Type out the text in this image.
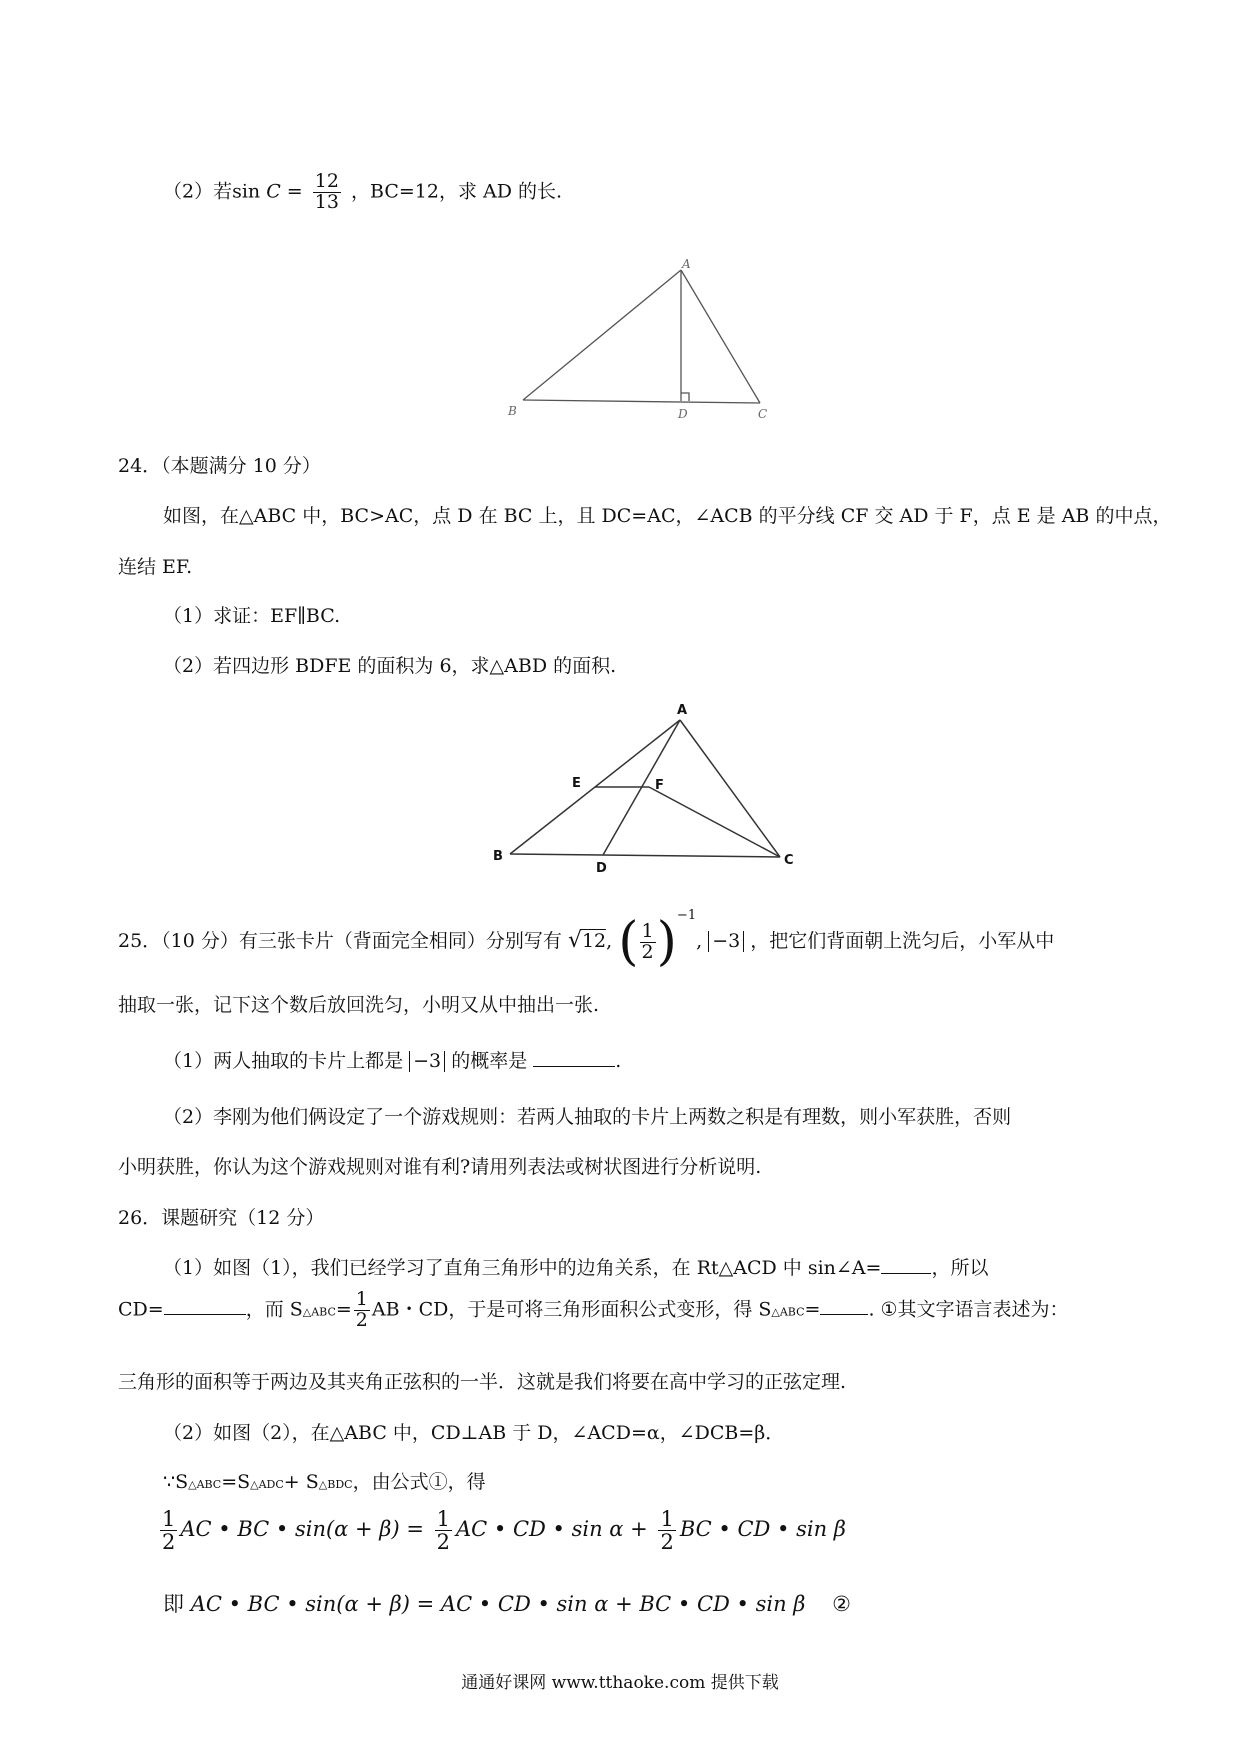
（2）若$\sin C = \frac{12}{13}$ ，BC=12，求 AD 的长.
A
B	D	C
24．（本题满分 10 分）
如图，在△ABC 中，BC>AC，点 D 在 BC 上，且 DC=AC，∠ACB 的平分线 CF 交 AD 于 F，点 E 是 AB 的中点，
连结 EF.
（1）求证：EF∥BC.
（2）若四边形 BDFE 的面积为 6，求△ABD 的面积.
A
E	F
B
D
C
25．（10 分）有三张卡片（背面完全相同）分别写有 √ 12, ( $\frac{1}{2} )^{-1}$, −3 ，把它们背面朝上洗匀后，小军从中
抽取一张，记下这个数后放回洗匀，小明又从中抽出一张.
（1）两人抽取的卡片上都是 −3 的概率是	.
（2）李刚为他们俩设定了一个游戏规则：若两人抽取的卡片上两数之积是有理数，则小军获胜，否则
小明获胜，你认为这个游戏规则对谁有利?请用列表法或树状图进行分析说明.
26．课题研究（12 分）
（1）如图（1），我们已经学习了直角三角形中的边角关系，在 Rt△ACD 中 sin∠A=	，所以
CD=	，而 S△ABC= $\frac{1}{2}$ AB・CD，于是可将三角形面积公式变形，得 S△ABC=	. ①其文字语言表述为：
三角形的面积等于两边及其夹角正弦积的一半．这就是我们将要在高中学习的正弦定理.
（2）如图（2），在△ABC 中，CD⊥AB 于 D，∠ACD=α，∠DCB=β．
∵S△ABC=S△ADC+ S△BDC，由公式①，得
$\frac{1}{2}$ AC • BC • $\sin(\alpha + \beta) = \frac{1}{2}$ AC • CD • $\sin \alpha + \frac{1}{2}$ BC • CD • sin β
即 AC • BC • sin(α + β) = AC • CD • sin α + BC • CD • sin β ②
通通好课网 www.tthaoke.com 提供下载
